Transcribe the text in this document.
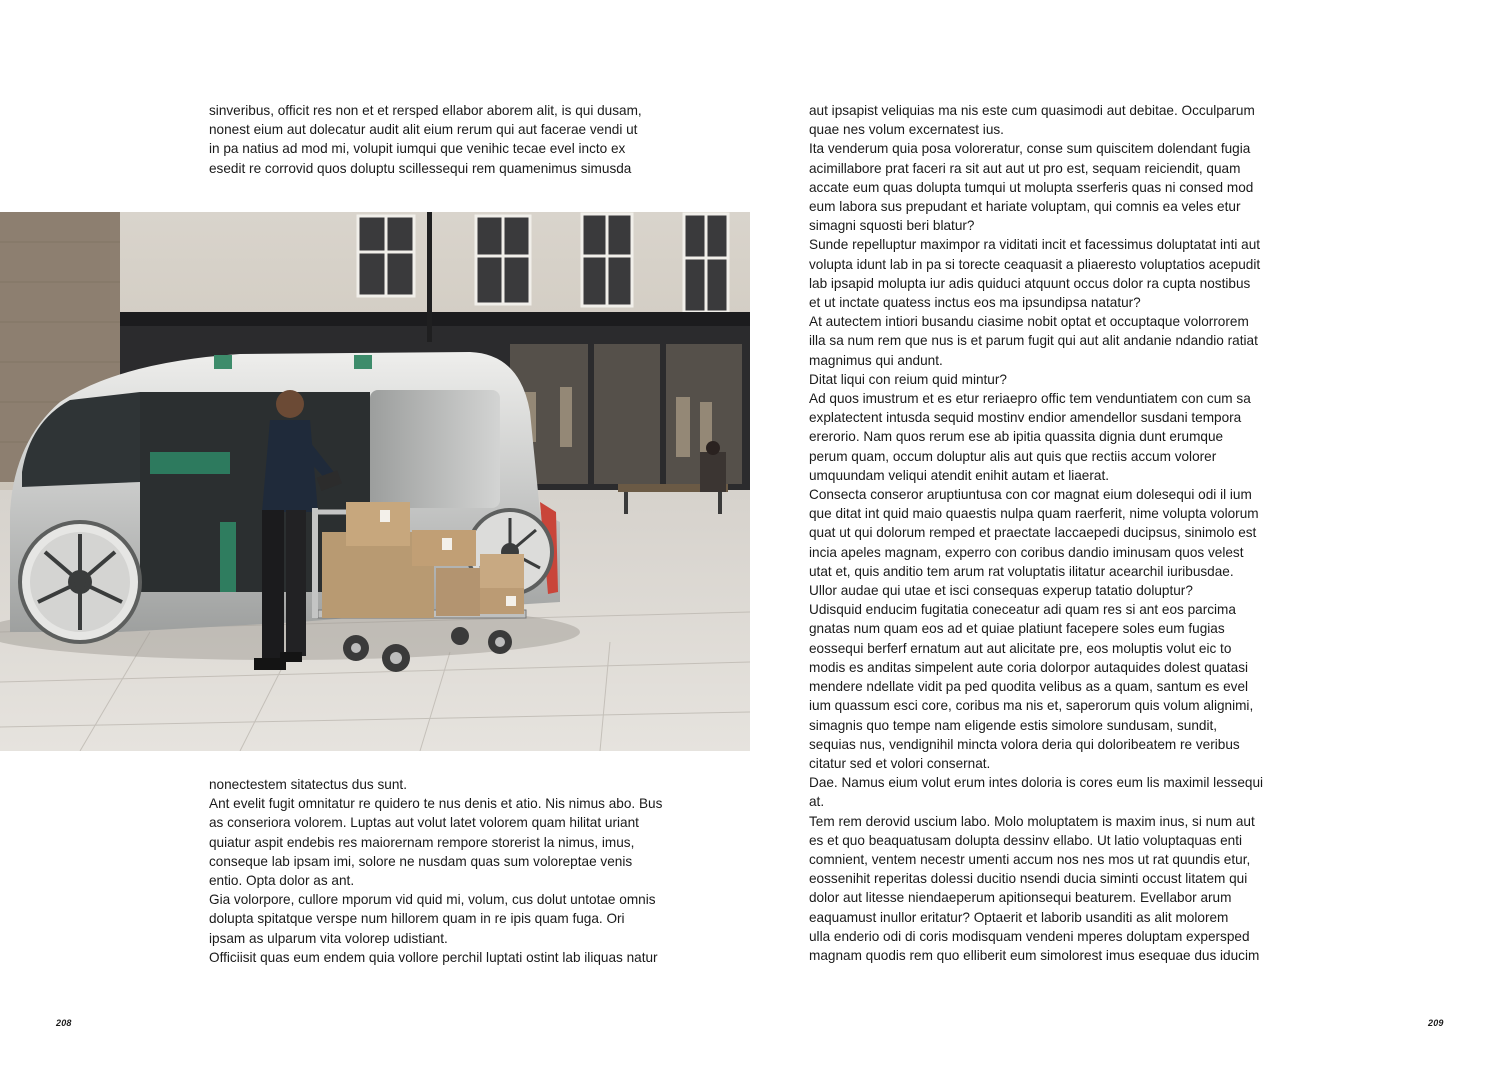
sinveribus, officit res non et et rersped ellabor aborem alit, is qui dusam,

nonest eium aut dolecatur audit alit eium rerum qui aut facerae vendi ut

in pa natius ad mod mi, volupit iumqui que venihic tecae evel incto ex

esedit re corrovid quos doluptu scillessequi rem quamenimus simusda

nonectestem sitatectus dus sunt.

Ant evelit fugit omnitatur re quidero te nus denis et atio. Nis nimus abo. Bus

as conseriora volorem. Luptas aut volut latet volorem quam hilitat uriant

quiatur aspit endebis res maiorernam rempore storerist la nimus, imus,

conseque lab ipsam imi, solore ne nusdam quas sum voloreptae venis

entio. Opta dolor as ant.

Gia volorpore, cullore mporum vid quid mi, volum, cus dolut untotae omnis

dolupta spitatque verspe num hillorem quam in re ipis quam fuga. Ori

ipsam as ulparum vita volorep udistiant.

Officiisit quas eum endem quia vollore perchil luptati ostint lab iliquas natur

208

aut ipsapist veliquias ma nis este cum quasimodi aut debitae. Occulparum

quae nes volum excernatest ius.

Ita venderum quia posa voloreratur, conse sum quiscitem dolendant fugia

acimillabore prat faceri ra sit aut aut ut pro est, sequam reiciendit, quam

accate eum quas dolupta tumqui ut molupta sserferis quas ni consed mod

eum labora sus prepudant et hariate voluptam, qui comnis ea veles etur

simagni squosti beri blatur?

Sunde repelluptur maximpor ra viditati incit et facessimus doluptatat inti aut

volupta idunt lab in pa si torecte ceaquasit a pliaeresto voluptatios acepudit

lab ipsapid molupta iur adis quiduci atquunt occus dolor ra cupta nostibus

et ut inctate quatess inctus eos ma ipsundipsa natatur?

At autectem intiori busandu ciasime nobit optat et occuptaque volorrorem

illa sa num rem que nus is et parum fugit qui aut alit andanie ndandio ratiat

magnimus qui andunt.

Ditat liqui con reium quid mintur?

Ad quos imustrum et es etur reriaepro offic tem venduntiatem con cum sa

explatectent intusda sequid mostinv endior amendellor susdani tempora

ererorio. Nam quos rerum ese ab ipitia quassita dignia dunt erumque

perum quam, occum doluptur alis aut quis que rectiis accum volorer

umquundam veliqui atendit enihit autam et liaerat.

Consecta conseror aruptiuntusa con cor magnat eium dolesequi odi il ium

que ditat int quid maio quaestis nulpa quam raerferit, nime volupta volorum

quat ut qui dolorum remped et praectate laccaepedi ducipsus, sinimolo est

incia apeles magnam, experro con coribus dandio iminusam quos velest

utat et, quis anditio tem arum rat voluptatis ilitatur acearchil iuribusdae.

Ullor audae qui utae et isci consequas experup tatatio doluptur?

Udisquid enducim fugitatia coneceatur adi quam res si ant eos parcima

gnatas num quam eos ad et quiae platiunt facepere soles eum fugias

eossequi berferf ernatum aut aut alicitate pre, eos moluptis volut eic to

modis es anditas simpelent aute coria dolorpor autaquides dolest quatasi

mendere ndellate vidit pa ped quodita velibus as a quam, santum es evel

ium quassum esci core, coribus ma nis et, saperorum quis volum alignimi,

simagnis quo tempe nam eligende estis simolore sundusam, sundit,

sequias nus, vendignihil mincta volora deria qui doloribeatem re veribus

citatur sed et volori consernat.

Dae. Namus eium volut erum intes doloria is cores eum lis maximil lessequi

at.

Tem rem derovid uscium labo. Molo moluptatem is maxim inus, si num aut

es et quo beaquatusam dolupta dessinv ellabo. Ut latio voluptaquas enti

comnient, ventem necestr umenti accum nos nes mos ut rat quundis etur,

eossenihit reperitas dolessi ducitio nsendi ducia siminti occust litatem qui

dolor aut litesse niendaeperum apitionsequi beaturem. Evellabor arum

eaquamust inullor eritatur? Optaerit et laborib usanditi as alit molorem

ulla enderio odi di coris modisquam vendeni mperes doluptam expersped

magnam quodis rem quo elliberit eum simolorest imus esequae dus iducim

209
